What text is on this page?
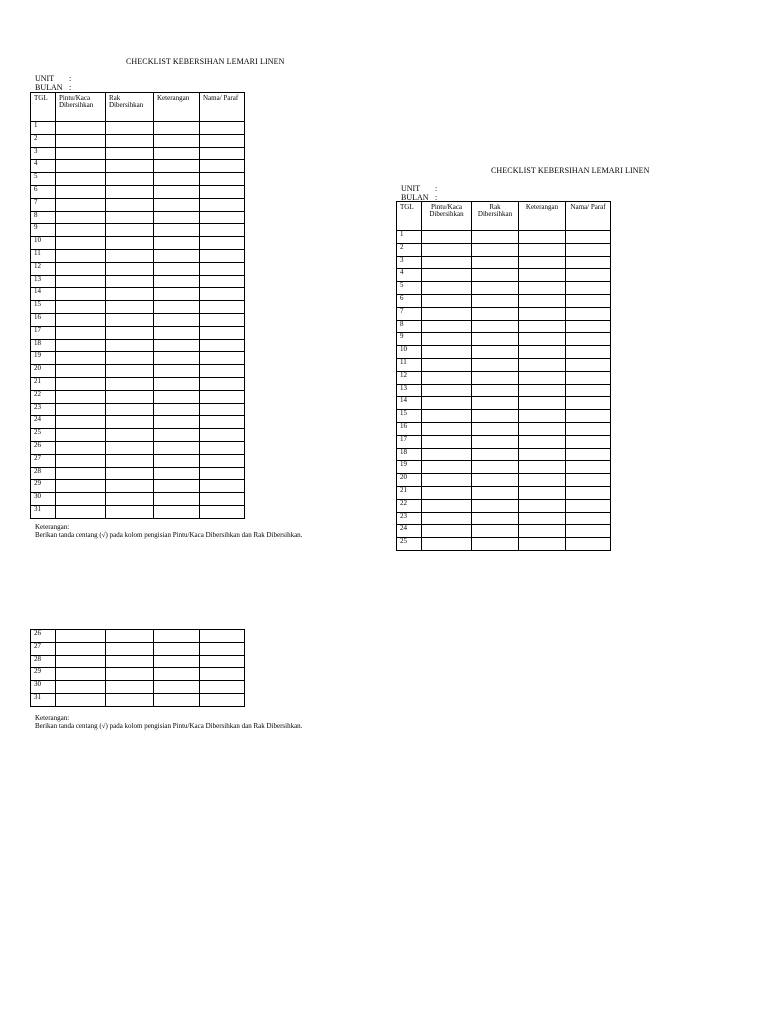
CHECKLIST KEBERSIHAN LEMARI LINEN
UNIT	:
BULAN :
TGL	Pintu/Kaca Dibersihkan	Rak Dibersihkan	Keterangan	Nama/ Paraf
1				
2				
3				
4				
5				
6				
7				
8				
9				
10				
11				
12				
13				
14				
15				
16				
17				
18				
19				
20				
21				
22				
23				
24				
25				
26				
27				
28				
29				
30				
31				
Keterangan:
Berikan tanda centang (√) pada kolom pengisian Pintu/Kaca Dibersihkan dan Rak Dibersihkan.
26				
27				
28				
29				
30				
31				
Keterangan:
Berikan tanda centang (√) pada kolom pengisian Pintu/Kaca Dibersihkan dan Rak Dibersihkan.
CHECKLIST KEBERSIHAN LEMARI LINEN
UNIT	:
BULAN :
TGL	Pintu/Kaca Dibersihkan	Rak Dibersihkan	Keterangan	Nama/ Paraf
1				
2				
3				
4				
5				
6				
7				
8				
9				
10				
11				
12				
13				
14				
15				
16				
17				
18				
19				
20				
21				
22				
23				
24				
25				
